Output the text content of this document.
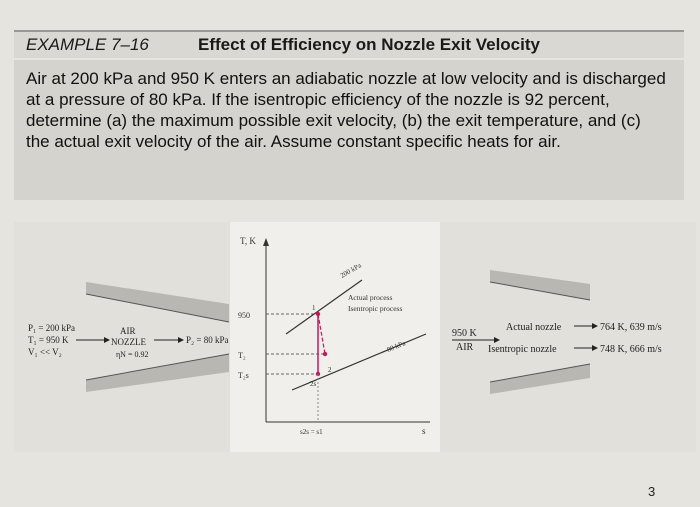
EXAMPLE 7–16	Effect of Efficiency on Nozzle Exit Velocity

Air at 200 kPa and 950 K enters an adiabatic nozzle at low velocity and is discharged at a pressure of 80 kPa. If the isentropic efficiency of the nozzle is 92 percent, determine (a) the maximum possible exit velocity, (b) the exit temperature, and (c) the actual exit velocity of the air. Assume constant specific heats for air.

P₁ = 200 kPa
T₁ = 950 K
V₁ << V₂
AIR
NOZZLE
ηN = 0.92
P₂ = 80 kPa
T, K
s
950
T₂
T₂s
200 kPa
80 kPa
1
2s
2
Actual process
Isentropic process
s2s = s1
950 K
AIR
Actual nozzle	764 K, 639 m/s
Isentropic nozzle	748 K, 666 m/s
3
